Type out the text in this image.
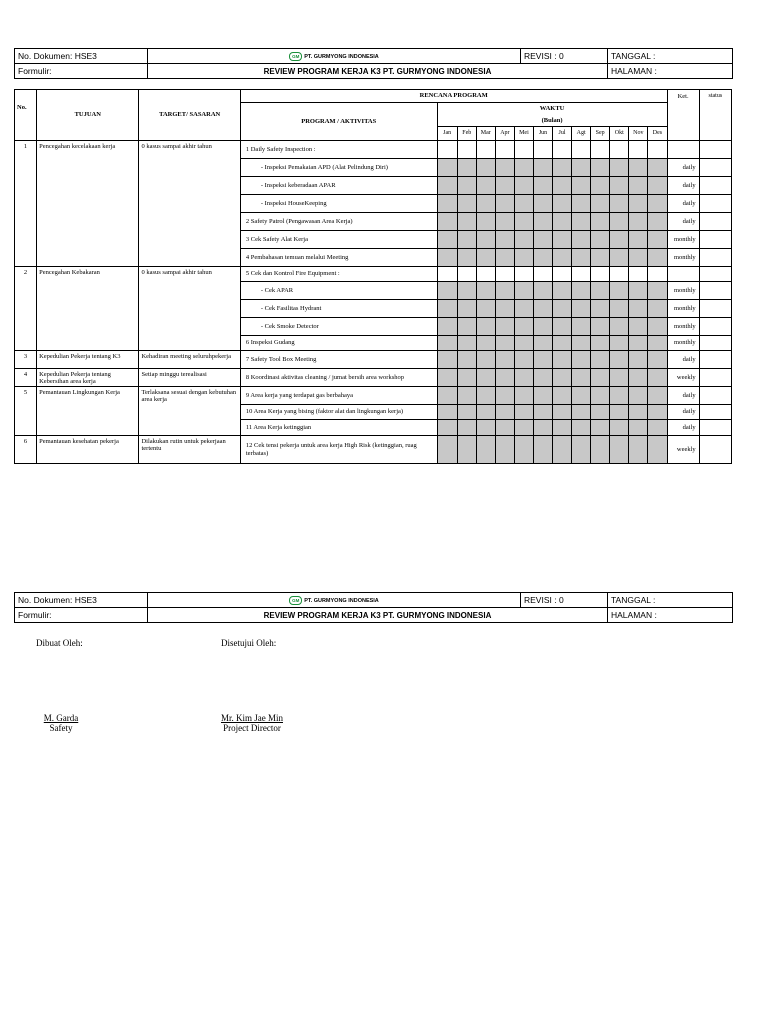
No. Dokumen: HSE3	GM PT. GURMYONG INDONESIA	REVISI : 0	TANGGAL :
Formulir:	REVIEW PROGRAM KERJA K3 PT. GURMYONG INDONESIA		HALAMAN :
No.	TUJUAN	TARGET/ SASARAN	RENCANA PROGRAM													Ket.	status
			PROGRAM / AKTIVITAS	WAKTU													
				(Bulan)													
				Jan	Feb	Mar	Apr	Mei	Jun	Jul	Agt	Sep	Okt	Nov	Des		
1	Pencegahan kecelakaan kerja	0 kasus sampai akhir tahun	1 Daily Safety Inspection :														
			- Inspeksi Pemakaian APD (Alat Pelindung Diri)													daily	
			- Inspeksi keberadaan APAR													daily	
			- Inspeksi HouseKeeping													daily	
			2 Safety Patrol (Pengawasan Area Kerja)													daily	
			3 Cek Safety Alat Kerja													monthly	
			4 Pembahasan temuan melalui Meeting													monthly	
2	Pencegahan Kebakaran	0 kasus sampai akhir tahun	5 Cek dan Kontrol Fire Equipment :														
			- Cek APAR													monthly	
			- Cek Fasilitas Hydrant													monthly	
			- Cek Smoke Detector													monthly	
			6 Inspeksi Gudang													monthly	
3	Kepedulian Pekerja tentang K3	Kehadiran meeting seluruhpekerja	7 Safety Tool Box Meeting													daily	
4	Kepedulian Pekerja tentang Kebersihan area kerja	Setiap minggu terealisasi	8 Koordinasi aktivitas cleaning / jumat bersih area workshop													weekly	
5	Pemantauan Lingkungan Kerja	Terlaksana sesuai dengan kebutuhan area kerja	9 Area kerja yang terdapat gas berbahaya													daily	
			10 Area Kerja yang bising (faktor alat dan lingkungan kerja)													daily	
			11 Area Kerja ketinggian													daily	
6	Pemantauan kesehatan pekerja	Dilakukan rutin untuk pekerjaan tertentu	12 Cek tensi pekerja untuk area kerja High Risk (ketinggian, ruag terbatas)													weekly	
No. Dokumen: HSE3	GM PT. GURMYONG INDONESIA	REVISI : 0	TANGGAL :
Formulir:	REVIEW PROGRAM KERJA K3 PT. GURMYONG INDONESIA		HALAMAN :
Dibuat Oleh:	Disetujui Oleh:
M. Garda
Safety
Mr. Kim Jae Min
Project Director
